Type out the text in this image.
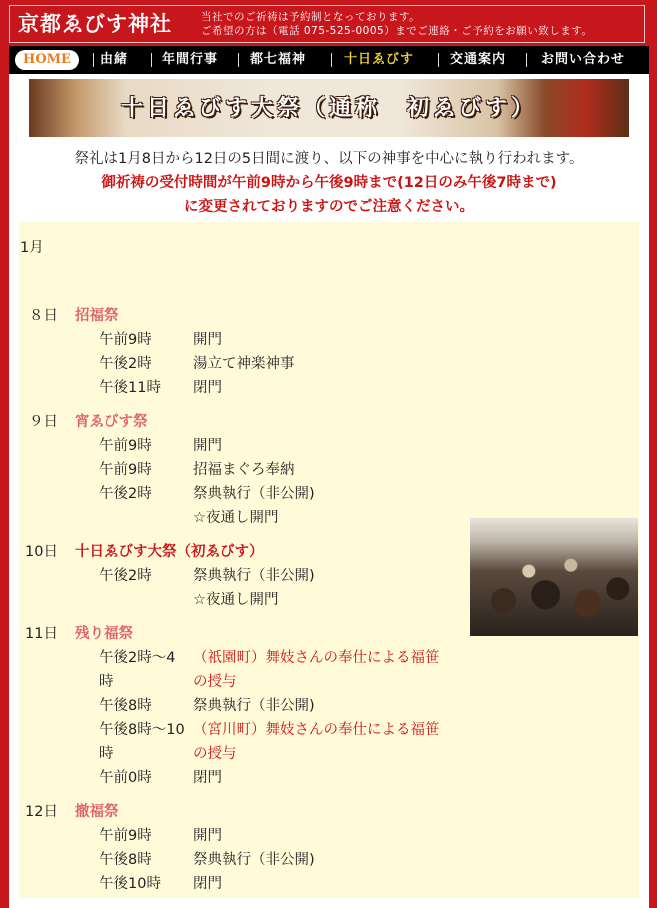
京都ゑびす神社	当社でのご祈祷は予約制となっております。
ご希望の方は（電話 075-525-0005）までご連絡・ご予約をお願い致します。
HOME	由緒	年間行事 都七福神	十日ゑびす	交通案内	お問い合わせ
十日ゑびす大祭（通称　初ゑびす）
祭礼は1月8日から12日の5日間に渡り、以下の神事を中心に執り行われます。
御祈祷の受付時間が午前9時から午後9時まで(12日のみ午後7時まで)
に変更されておりますのでご注意ください。
1月
８日 招福祭
午前9時	開門
午後2時	湯立て神楽神事
午後11時 閉門
９日 宵ゑびす祭
午前9時	開門
午前9時	招福まぐろ奉納
午後2時	祭典執行（非公開)
☆夜通し開門
10日 十日ゑびす大祭（初ゑびす）
午後2時	祭典執行（非公開)
☆夜通し開門
11日 残り福祭
午後2時～4 （祇園町）舞妓さんの奉仕による福笹
時	の授与
午後8時	祭典執行（非公開)
午後8時～10 （宮川町）舞妓さんの奉仕による福笹
時	の授与
午前0時	閉門
12日 撤福祭
午前9時	開門
午後8時	祭典執行（非公開)
午後10時 閉門
